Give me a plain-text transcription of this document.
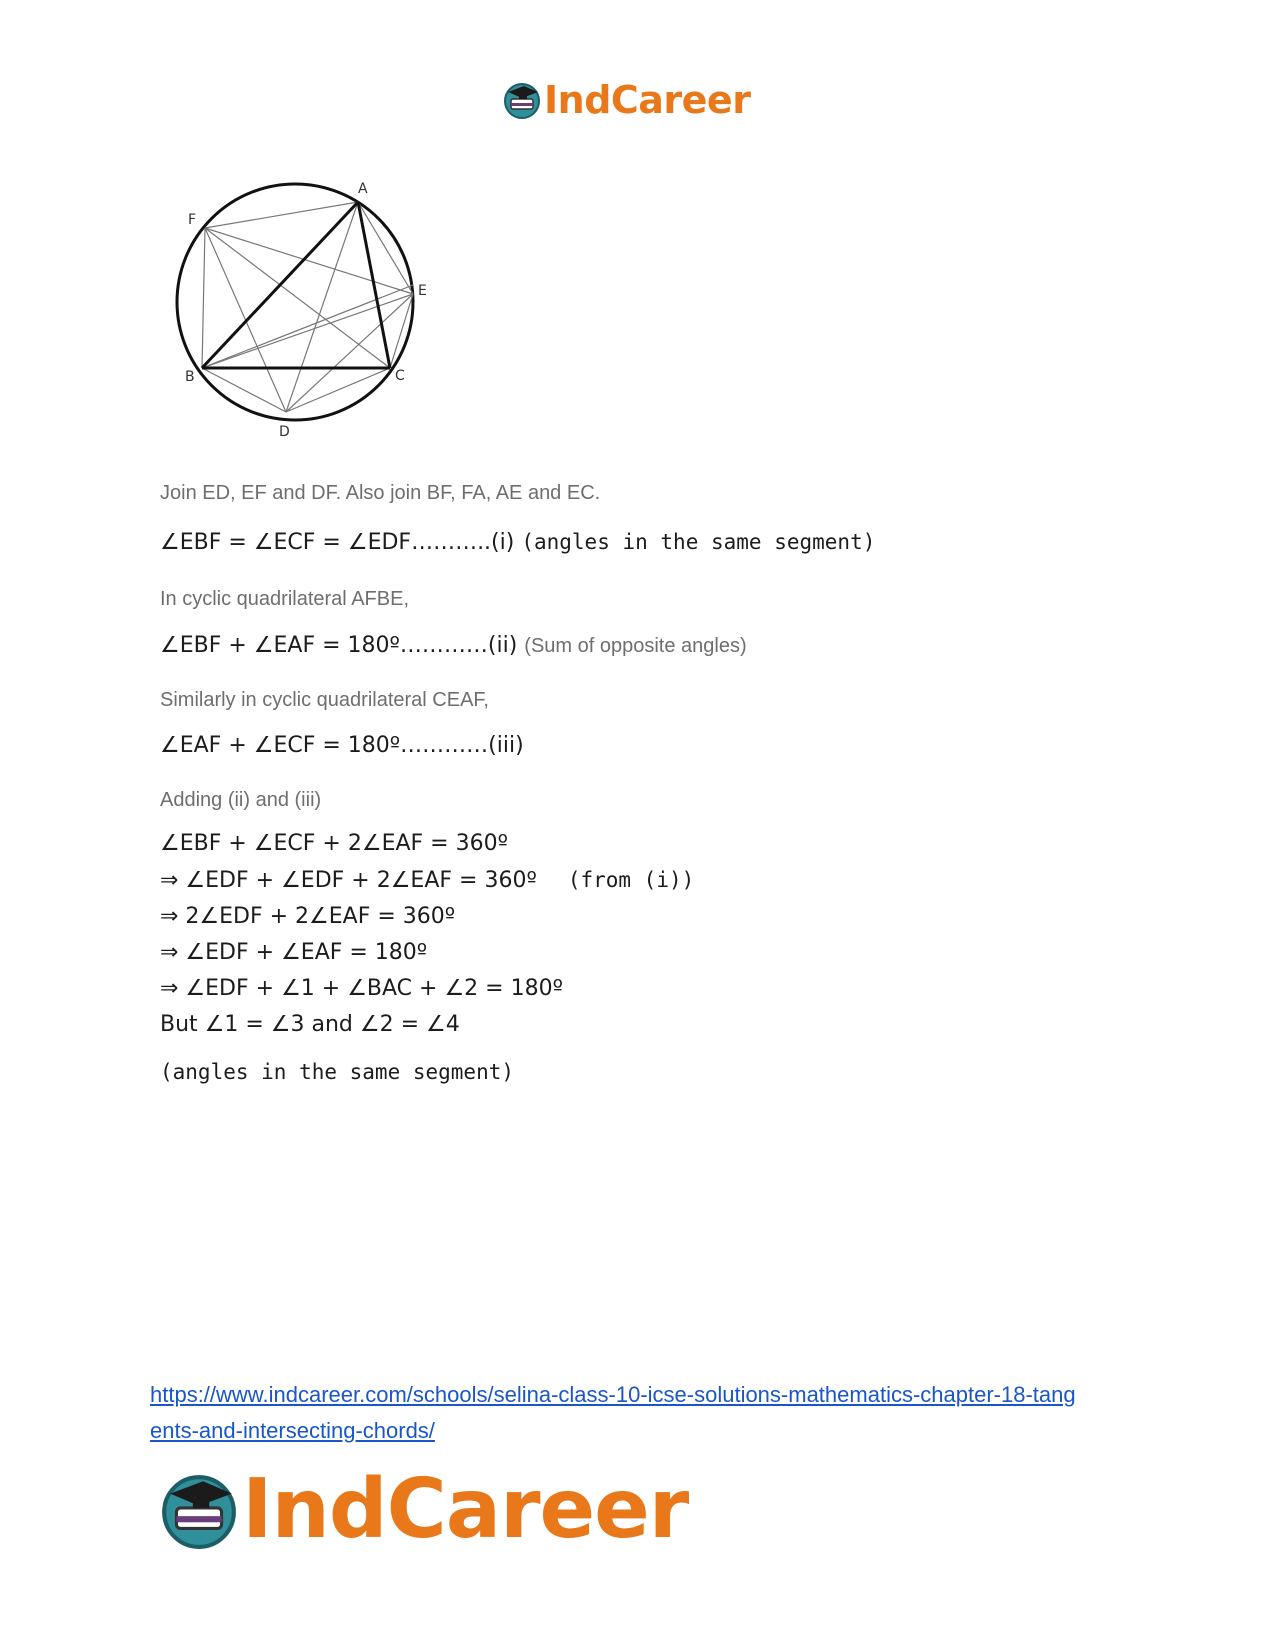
IndCareer
A
F
E
B	C
D
Join ED, EF and DF. Also join BF, FA, AE and EC.
∠EBF = ∠ECF = ∠EDF………..(i) (angles in the same segment)
In cyclic quadrilateral AFBE,
∠EBF + ∠EAF = 180º…………(ii) (Sum of opposite angles)
Similarly in cyclic quadrilateral CEAF,
∠EAF + ∠ECF = 180º…………(iii)
Adding (ii) and (iii)
∠EBF + ∠ECF + 2∠EAF = 360º
⇒ ∠EDF + ∠EDF + 2∠EAF = 360º (from (i))
⇒ 2∠EDF + 2∠EAF = 360º
⇒ ∠EDF + ∠EAF = 180º
⇒ ∠EDF + ∠1 + ∠BAC + ∠2 = 180º
But ∠1 = ∠3 and ∠2 = ∠4
(angles in the same segment)
https://www.indcareer.com/schools/selina-class-10-icse-solutions-mathematics-chapter-18-tang
ents-and-intersecting-chords/
IndCareer
